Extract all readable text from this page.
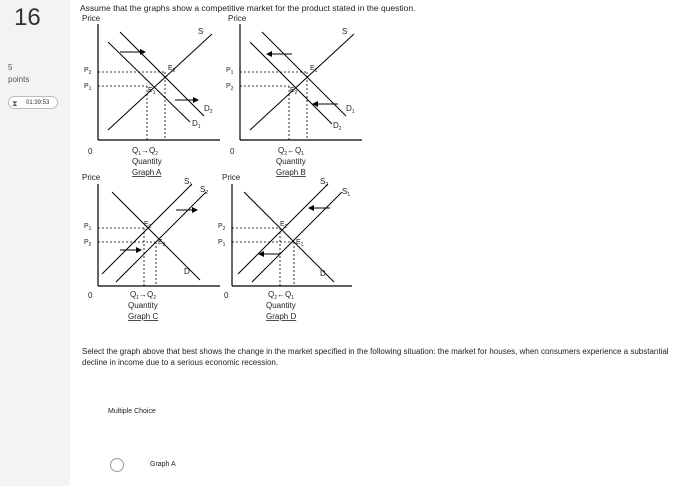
16
5
points
⧗ 01:39:53
Assume that the graphs show a competitive market for the product stated in the question.
Price
0
S
$D_1$
$D_2$
$P_2$
$P_1$
$E_2$
$E_1$
$Q_1\to Q_2$
Quantity
Graph A
Price
0
S
$D_1$
$D_2$
$P_1$
$P_2$
$E_1$
$E_2$
$Q_2\leftarrow Q_1$
Quantity
Graph B
Price
0
$S_1$ $S_2$
D
$P_1$
$P_2$
$E_1$
$E_2$
$Q_1\to Q_2$
Quantity
Graph C
Price
0
$S_2$
$S_1$
D
$P_2$
$P_1$
$E_2$
$E_1$
$Q_2\leftarrow Q_1$
Quantity
Graph D
Select the graph above that best shows the change in the market specified in the following situation: the market for houses, when consumers experience a substantial decline in income due to a serious economic recession.
Multiple Choice
Graph A
